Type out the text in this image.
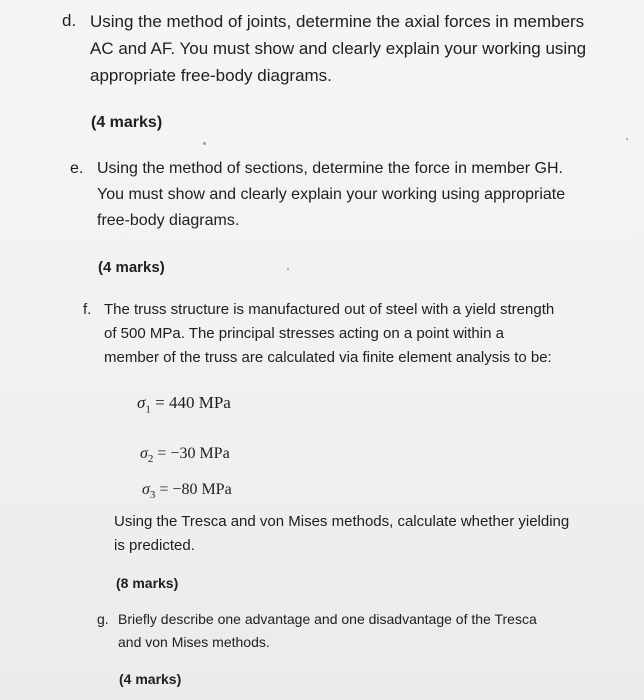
d. Using the method of joints, determine the axial forces in members
AC and AF. You must show and clearly explain your working using
appropriate free-body diagrams.
(4 marks)
e. Using the method of sections, determine the force in member GH.
You must show and clearly explain your working using appropriate
free-body diagrams.
(4 marks)
f. The truss structure is manufactured out of steel with a yield strength
of 500 MPa. The principal stresses acting on a point within a
member of the truss are calculated via finite element analysis to be:
$\sigma_1 = 440$ MPa
$\sigma_2 = -30$ MPa
$\sigma_3 = -80$ MPa
Using the Tresca and von Mises methods, calculate whether yielding
is predicted.
(8 marks)
g. Briefly describe one advantage and one disadvantage of the Tresca
and von Mises methods.
(4 marks)
